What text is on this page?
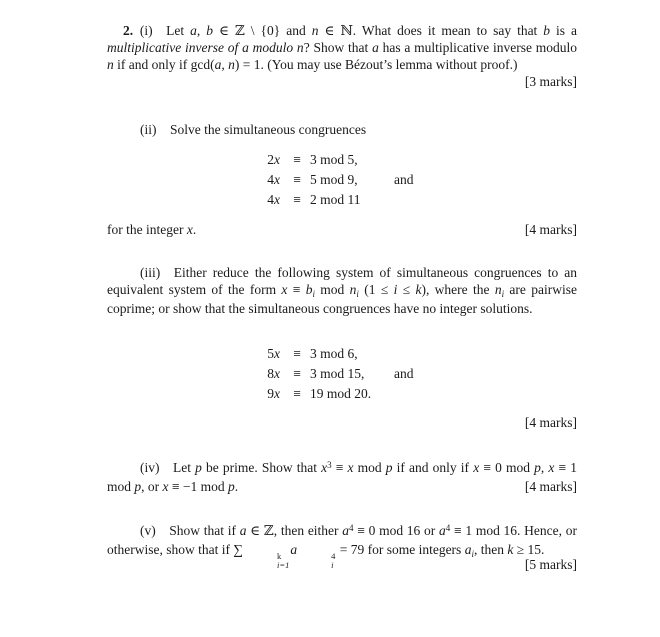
2. (i) Let a, b ∈ ℤ \ {0} and n ∈ ℕ. What does it mean to say that b is a multiplicative inverse of a modulo n? Show that a has a multiplicative inverse modulo n if and only if gcd(a, n) = 1. (You may use Bézout’s lemma without proof.)
[3 marks]
(ii) Solve the simultaneous congruences
2x ≡ 3 mod 5,
4x ≡ 5 mod 9,	and
4x ≡ 2 mod 11
for the integer x.	[4 marks]
(iii) Either reduce the following system of simultaneous congruences to an equivalent system of the form $x \equiv b_i$ mod $n_i$ (1 ≤ i ≤ k), where the $n_i$ are pairwise coprime; or show that the simultaneous congruences have no integer solutions.
5x ≡ 3 mod 6,
8x ≡ 3 mod 15, and
9x ≡ 19 mod 20.
[4 marks]
(iv) Let p be prime. Show that $x^3 \equiv x$ mod p if and only if x ≡ 0 mod p, x ≡ 1 mod p, or x ≡ −1 mod p.	[4 marks]
(v) Show that if a ∈ ℤ, then either $a^4 \equiv 0$ mod 16 or $a^4 \equiv 1$ mod 16. Hence, or otherwise, show that if ∑	k
i=1
a	4
i
= 79 for some integers $a_i$, then k ≥ 15.
[5 marks]
